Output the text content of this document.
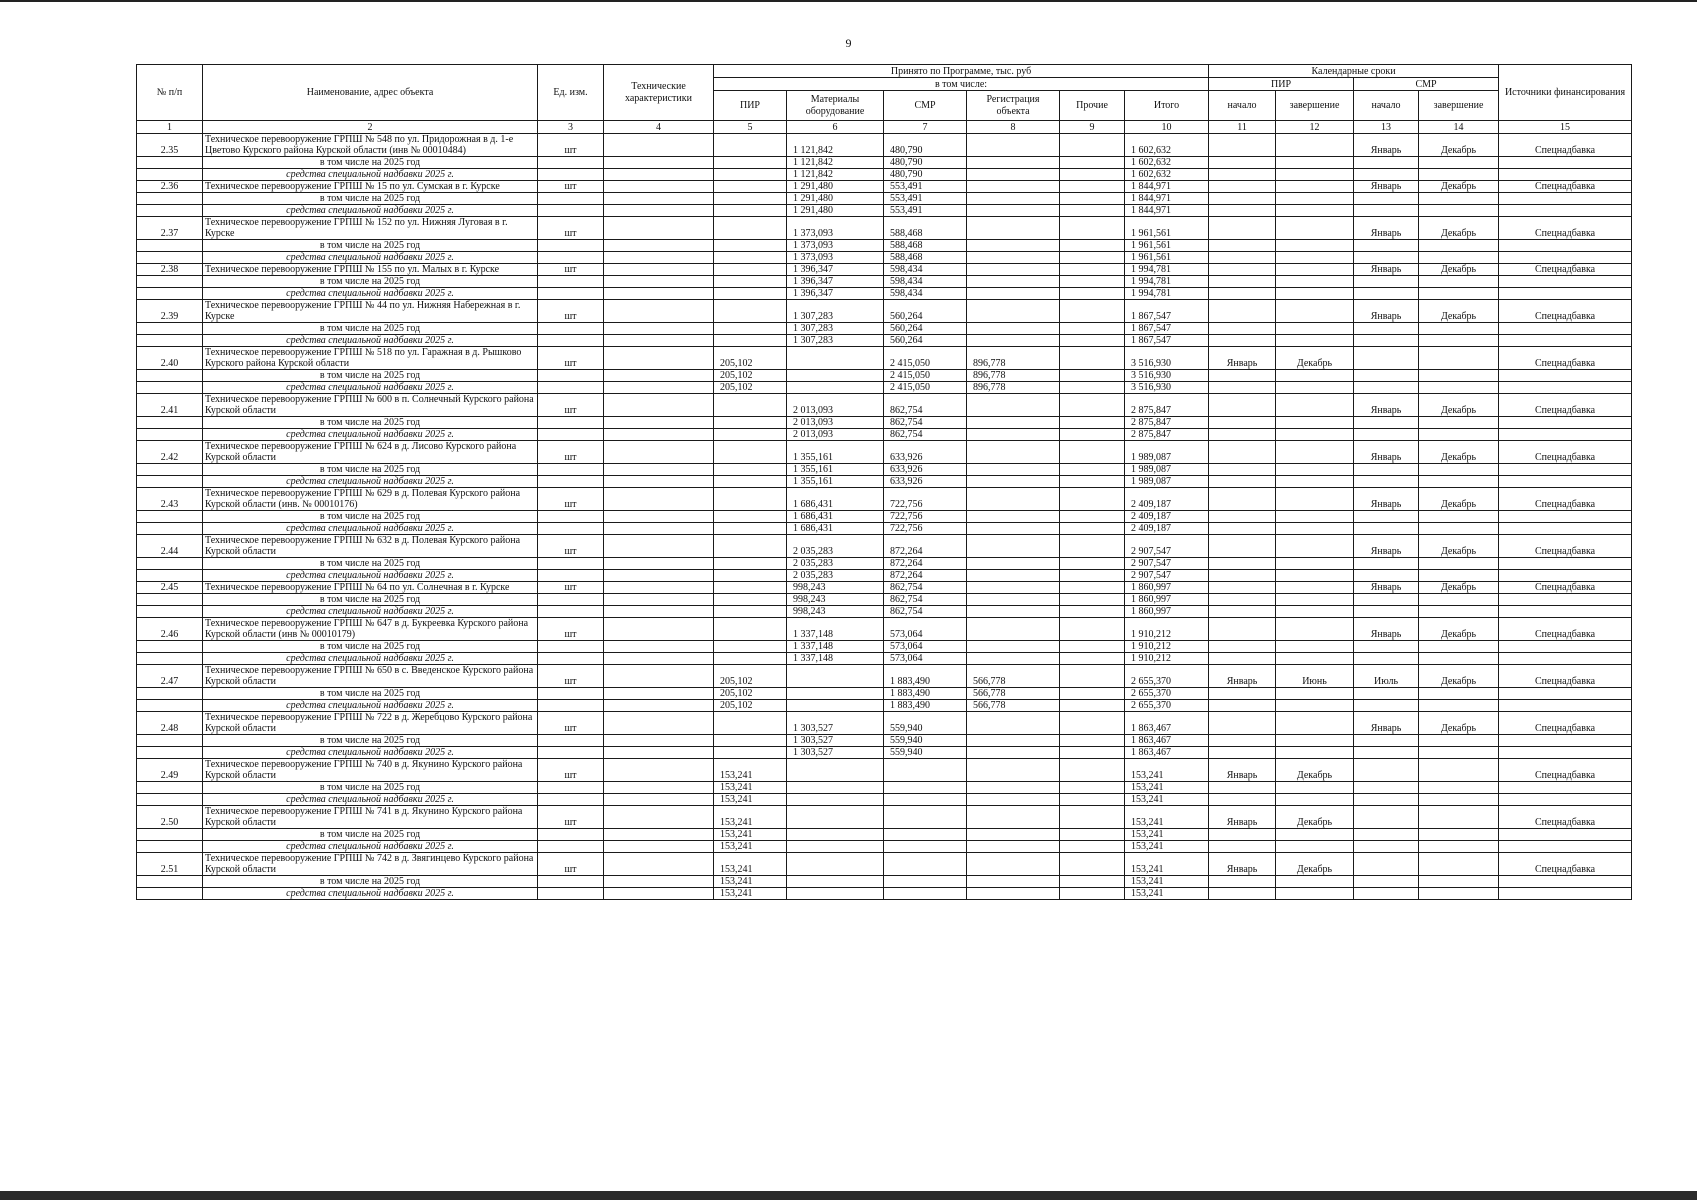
9
№ п/п	Наименование, адрес объекта	Ед. изм.	Технические характеристики	Принято по Программе, тыс. руб						Календарные сроки				Источники финансирования
				в том числе:						ПИР		СМР		
				ПИР	Материалы оборудование	СМР	Регистрация объекта	Прочие	Итого	начало	завершение	начало	завершение	
1	2	3	4	5	6	7	8	9	10	11	12	13	14	15
2.35	Техническое перевооружение ГРПШ № 548 по ул. Придорожная в д. 1-е Цветово Курского района Курской области (инв № 00010484)	шт			1 121,842	480,790			1 602,632			Январь	Декабрь	Спецнадбавка
	в том числе на 2025 год				1 121,842	480,790			1 602,632					
	средства специальной надбавки 2025 г.				1 121,842	480,790			1 602,632					
2.36	Техническое перевооружение ГРПШ № 15 по ул. Сумская в г. Курске	шт			1 291,480	553,491			1 844,971			Январь	Декабрь	Спецнадбавка
	в том числе на 2025 год				1 291,480	553,491			1 844,971					
	средства специальной надбавки 2025 г.				1 291,480	553,491			1 844,971					
2.37	Техническое перевооружение ГРПШ № 152 по ул. Нижняя Луговая в г. Курске	шт			1 373,093	588,468			1 961,561			Январь	Декабрь	Спецнадбавка
	в том числе на 2025 год				1 373,093	588,468			1 961,561					
	средства специальной надбавки 2025 г.				1 373,093	588,468			1 961,561					
2.38	Техническое перевооружение ГРПШ № 155 по ул. Малых в г. Курске	шт			1 396,347	598,434			1 994,781			Январь	Декабрь	Спецнадбавка
	в том числе на 2025 год				1 396,347	598,434			1 994,781					
	средства специальной надбавки 2025 г.				1 396,347	598,434			1 994,781					
2.39	Техническое перевооружение ГРПШ № 44 по ул. Нижняя Набережная в г. Курске	шт			1 307,283	560,264			1 867,547			Январь	Декабрь	Спецнадбавка
	в том числе на 2025 год				1 307,283	560,264			1 867,547					
	средства специальной надбавки 2025 г.				1 307,283	560,264			1 867,547					
2.40	Техническое перевооружение ГРПШ № 518 по ул. Гаражная в д. Рышково Курского района Курской области	шт		205,102		2 415,050	896,778		3 516,930	Январь	Декабрь			Спецнадбавка
	в том числе на 2025 год			205,102		2 415,050	896,778		3 516,930					
	средства специальной надбавки 2025 г.			205,102		2 415,050	896,778		3 516,930					
2.41	Техническое перевооружение ГРПШ № 600 в п. Солнечный Курского района Курской области	шт			2 013,093	862,754			2 875,847			Январь	Декабрь	Спецнадбавка
	в том числе на 2025 год				2 013,093	862,754			2 875,847					
	средства специальной надбавки 2025 г.				2 013,093	862,754			2 875,847					
2.42	Техническое перевооружение ГРПШ № 624 в д. Лисово Курского района Курской области	шт			1 355,161	633,926			1 989,087			Январь	Декабрь	Спецнадбавка
	в том числе на 2025 год				1 355,161	633,926			1 989,087					
	средства специальной надбавки 2025 г.				1 355,161	633,926			1 989,087					
2.43	Техническое перевооружение ГРПШ № 629 в д. Полевая Курского района Курской области (инв. № 00010176)	шт			1 686,431	722,756			2 409,187			Январь	Декабрь	Спецнадбавка
	в том числе на 2025 год				1 686,431	722,756			2 409,187					
	средства специальной надбавки 2025 г.				1 686,431	722,756			2 409,187					
2.44	Техническое перевооружение ГРПШ № 632 в д. Полевая Курского района Курской области	шт			2 035,283	872,264			2 907,547			Январь	Декабрь	Спецнадбавка
	в том числе на 2025 год				2 035,283	872,264			2 907,547					
	средства специальной надбавки 2025 г.				2 035,283	872,264			2 907,547					
2.45	Техническое перевооружение ГРПШ № 64 по ул. Солнечная в г. Курске	шт			998,243	862,754			1 860,997			Январь	Декабрь	Спецнадбавка
	в том числе на 2025 год				998,243	862,754			1 860,997					
	средства специальной надбавки 2025 г.				998,243	862,754			1 860,997					
2.46	Техническое перевооружение ГРПШ № 647 в д. Букреевка Курского района Курской области (инв № 00010179)	шт			1 337,148	573,064			1 910,212			Январь	Декабрь	Спецнадбавка
	в том числе на 2025 год				1 337,148	573,064			1 910,212					
	средства специальной надбавки 2025 г.				1 337,148	573,064			1 910,212					
2.47	Техническое перевооружение ГРПШ № 650 в с. Введенское Курского района Курской области	шт		205,102		1 883,490	566,778		2 655,370	Январь	Июнь	Июль	Декабрь	Спецнадбавка
	в том числе на 2025 год			205,102		1 883,490	566,778		2 655,370					
	средства специальной надбавки 2025 г.			205,102		1 883,490	566,778		2 655,370					
2.48	Техническое перевооружение ГРПШ № 722 в д. Жеребцово Курского района Курской области	шт			1 303,527	559,940			1 863,467			Январь	Декабрь	Спецнадбавка
	в том числе на 2025 год				1 303,527	559,940			1 863,467					
	средства специальной надбавки 2025 г.				1 303,527	559,940			1 863,467					
2.49	Техническое перевооружение ГРПШ № 740 в д. Якунино Курского района Курской области	шт		153,241					153,241	Январь	Декабрь			Спецнадбавка
	в том числе на 2025 год			153,241					153,241					
	средства специальной надбавки 2025 г.			153,241					153,241					
2.50	Техническое перевооружение ГРПШ № 741 в д. Якунино Курского района Курской области	шт		153,241					153,241	Январь	Декабрь			Спецнадбавка
	в том числе на 2025 год			153,241					153,241					
	средства специальной надбавки 2025 г.			153,241					153,241					
2.51	Техническое перевооружение ГРПШ № 742 в д. Звягинцево Курского района Курской области	шт		153,241					153,241	Январь	Декабрь			Спецнадбавка
	в том числе на 2025 год			153,241					153,241					
	средства специальной надбавки 2025 г.			153,241					153,241					
